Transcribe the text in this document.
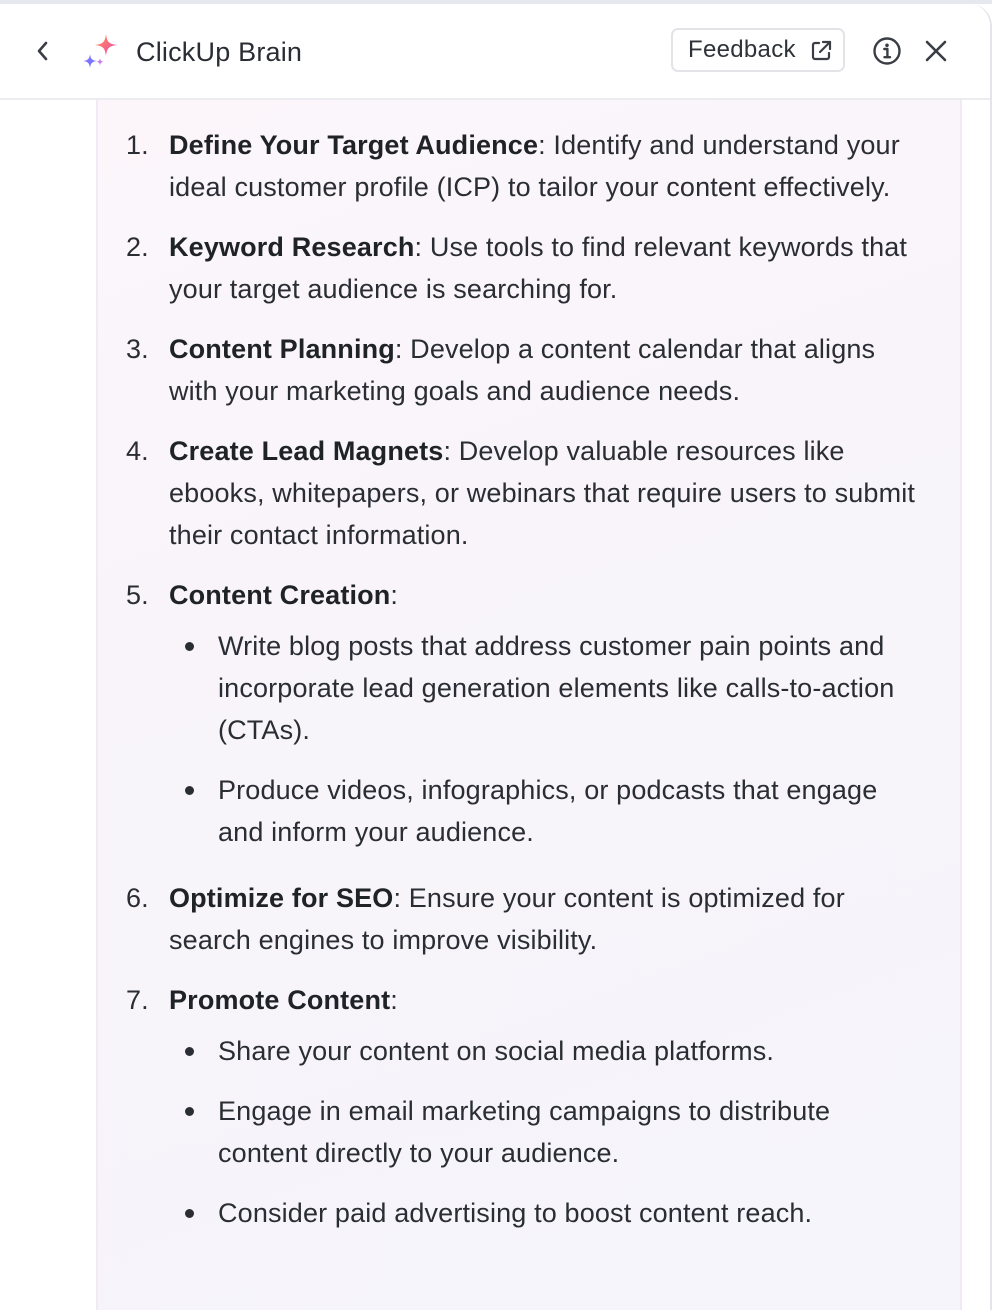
ClickUp Brain	Feedback
1. Define Your Target Audience: Identify and understand your ideal customer profile (ICP) to tailor your content effectively.
2. Keyword Research: Use tools to find relevant keywords that your target audience is searching for.
3. Content Planning: Develop a content calendar that aligns with your marketing goals and audience needs.
4. Create Lead Magnets: Develop valuable resources like ebooks, whitepapers, or webinars that require users to submit their contact information.
5. Content Creation:
Write blog posts that address customer pain points and incorporate lead generation elements like calls-to-action (CTAs).
Produce videos, infographics, or podcasts that engage and inform your audience.
6. Optimize for SEO: Ensure your content is optimized for search engines to improve visibility.
7. Promote Content:
Share your content on social media platforms.
Engage in email marketing campaigns to distribute content directly to your audience.
Consider paid advertising to boost content reach.
